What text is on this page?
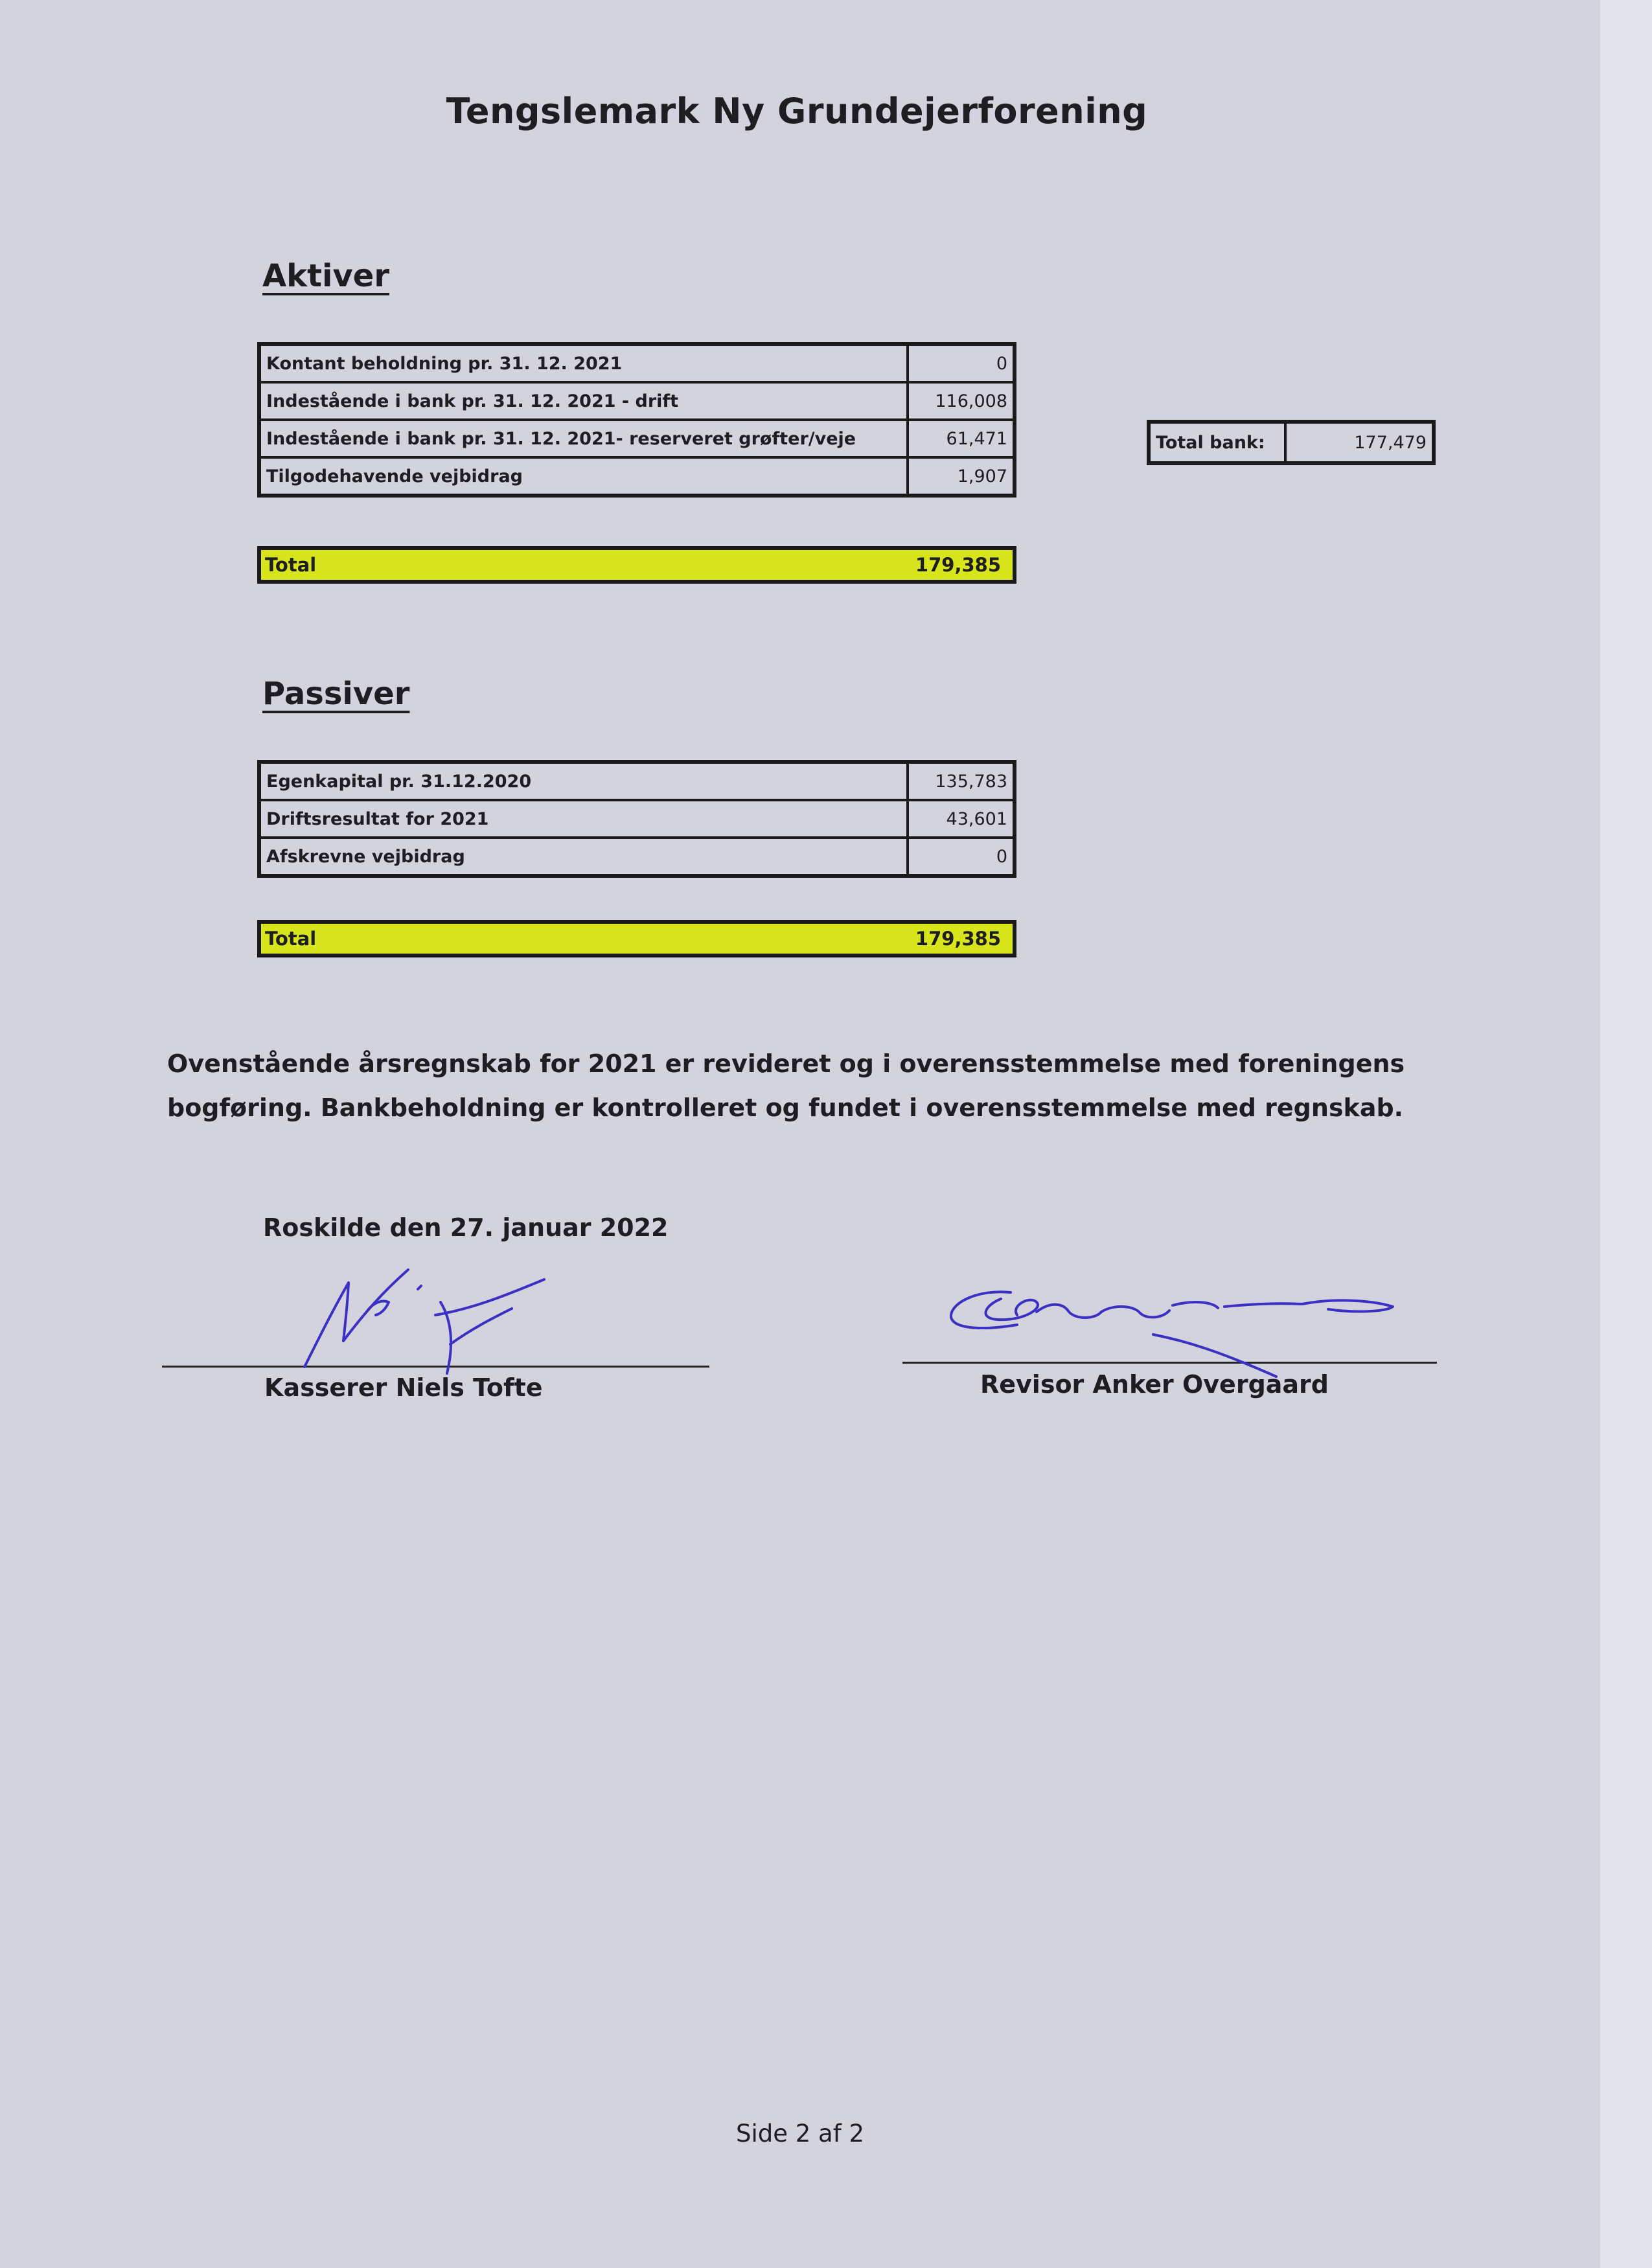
Tengslemark Ny Grundejerforening
Aktiver
Kontant beholdning pr. 31. 12. 2021	0
Indestående i bank pr. 31. 12. 2021 - drift	116,008
Indestående i bank pr. 31. 12. 2021- reserveret grøfter/veje	61,471
Tilgodehavende vejbidrag	1,907
Total bank:	177,479
Total	179,385
Passiver
Egenkapital pr. 31.12.2020	135,783
Driftsresultat for 2021	43,601
Afskrevne vejbidrag	0
Total	179,385
Ovenstående årsregnskab for 2021 er revideret og i overensstemmelse med foreningens
bogføring. Bankbeholdning er kontrolleret og fundet i overensstemmelse med regnskab.
Roskilde den 27. januar 2022
Kasserer Niels Tofte	Revisor Anker Overgaard
Side 2 af 2
